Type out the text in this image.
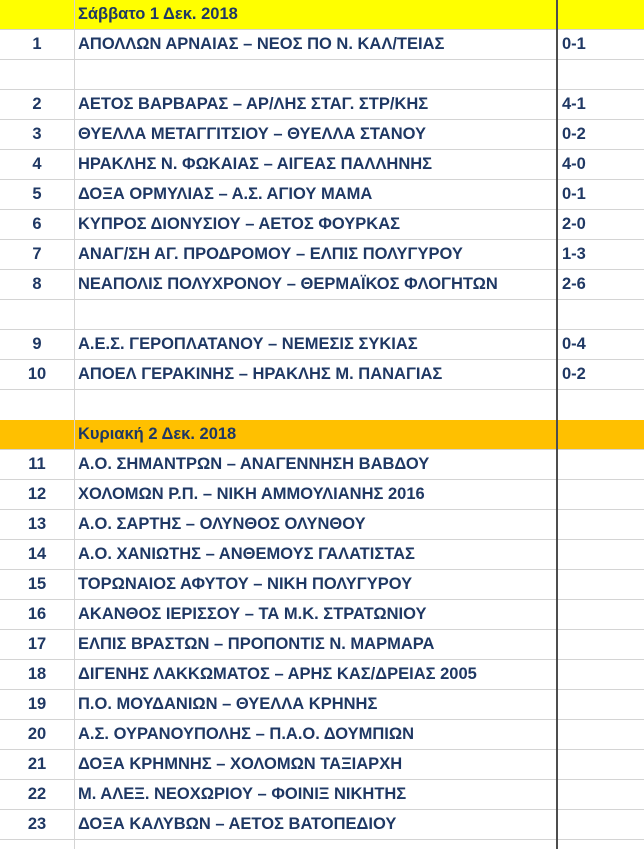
Σάββατο 1 Δεκ. 2018
1	ΑΠΟΛΛΩΝ ΑΡΝΑΙΑΣ – ΝΕΟΣ ΠΟ Ν. ΚΑΛ/ΤΕΙΑΣ	0-1
2	ΑΕΤΟΣ ΒΑΡΒΑΡΑΣ – ΑΡ/ΛΗΣ ΣΤΑΓ. ΣΤΡ/ΚΗΣ	4-1
3	ΘΥΕΛΛΑ ΜΕΤΑΓΓΙΤΣΙΟΥ – ΘΥΕΛΛΑ ΣΤΑΝΟΥ	0-2
4	ΗΡΑΚΛΗΣ Ν. ΦΩΚΑΙΑΣ – ΑΙΓΕΑΣ ΠΑΛΛΗΝΗΣ	4-0
5	ΔΟΞΑ ΟΡΜΥΛΙΑΣ – Α.Σ. ΑΓΙΟΥ ΜΑΜΑ	0-1
6	ΚΥΠΡΟΣ ΔΙΟΝΥΣΙΟΥ – ΑΕΤΟΣ ΦΟΥΡΚΑΣ	2-0
7	ΑΝΑΓ/ΣΗ ΑΓ. ΠΡΟΔΡΟΜΟΥ – ΕΛΠΙΣ ΠΟΛΥΓΥΡΟΥ	1-3
8	ΝΕΑΠΟΛΙΣ ΠΟΛΥΧΡΟΝΟΥ – ΘΕΡΜΑΪΚΟΣ ΦΛΟΓΗΤΩΝ	2-6
9	Α.Ε.Σ. ΓΕΡΟΠΛΑΤΑΝΟΥ – ΝΕΜΕΣΙΣ ΣΥΚΙΑΣ	0-4
10	ΑΠΟΕΛ ΓΕΡΑΚΙΝΗΣ – ΗΡΑΚΛΗΣ Μ. ΠΑΝΑΓΙΑΣ	0-2
Κυριακή 2 Δεκ. 2018
11	Α.Ο. ΣΗΜΑΝΤΡΩΝ – ΑΝΑΓΕΝΝΗΣΗ ΒΑΒΔΟΥ
12	ΧΟΛΟΜΩΝ Ρ.Π. – ΝΙΚΗ ΑΜΜΟΥΛΙΑΝΗΣ 2016
13	Α.Ο. ΣΑΡΤΗΣ – ΟΛΥΝΘΟΣ ΟΛΥΝΘΟΥ
14	Α.Ο. ΧΑΝΙΩΤΗΣ – ΑΝΘΕΜΟΥΣ ΓΑΛΑΤΙΣΤΑΣ
15	ΤΟΡΩΝΑΙΟΣ ΑΦΥΤΟΥ – ΝΙΚΗ ΠΟΛΥΓΥΡΟΥ
16	ΑΚΑΝΘΟΣ ΙΕΡΙΣΣΟΥ – ΤΑ Μ.Κ. ΣΤΡΑΤΩΝΙΟΥ
17	ΕΛΠΙΣ ΒΡΑΣΤΩΝ – ΠΡΟΠΟΝΤΙΣ Ν. ΜΑΡΜΑΡΑ
18	ΔΙΓΕΝΗΣ ΛΑΚΚΩΜΑΤΟΣ – ΑΡΗΣ ΚΑΣ/ΔΡΕΙΑΣ 2005
19	Π.Ο. ΜΟΥΔΑΝΙΩΝ – ΘΥΕΛΛΑ ΚΡΗΝΗΣ
20	Α.Σ. ΟΥΡΑΝΟΥΠΟΛΗΣ – Π.Α.Ο. ΔΟΥΜΠΙΩΝ
21	ΔΟΞΑ ΚΡΗΜΝΗΣ – ΧΟΛΟΜΩΝ ΤΑΞΙΑΡΧΗ
22	Μ. ΑΛΕΞ. ΝΕΟΧΩΡΙΟΥ – ΦΟΙΝΙΞ ΝΙΚΗΤΗΣ
23	ΔΟΞΑ ΚΑΛΥΒΩΝ – ΑΕΤΟΣ ΒΑΤΟΠΕΔΙΟΥ
